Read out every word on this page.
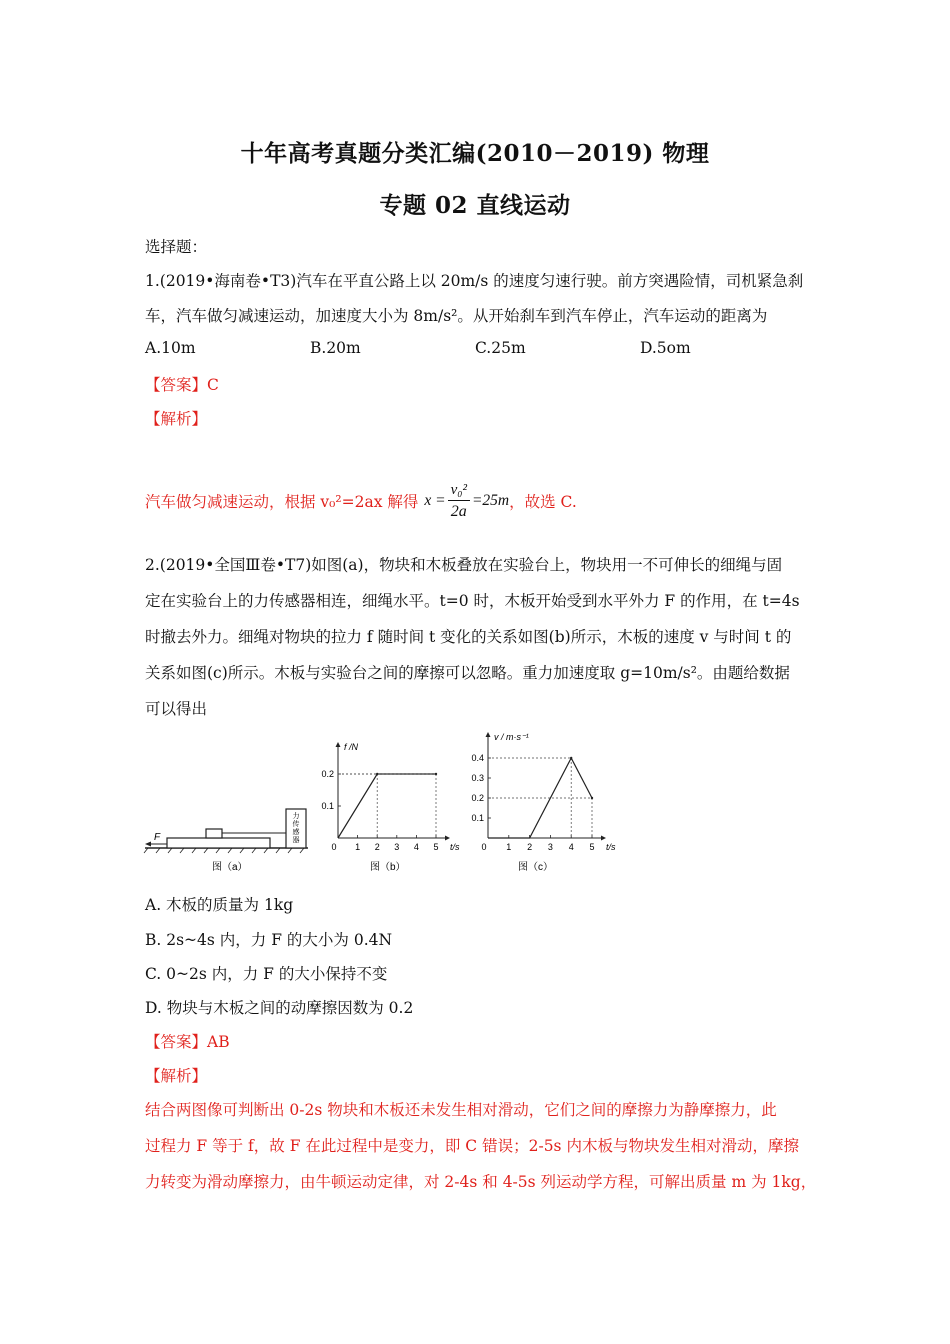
十年高考真题分类汇编(2010－2019) 物理
专题 02 直线运动
选择题：
1.(2019•海南卷•T3)汽车在平直公路上以 20m/s 的速度匀速行驶。前方突遇险情，司机紧急刹
车，汽车做匀减速运动，加速度大小为 8m/s²。从开始刹车到汽车停止，汽车运动的距离为
A.10m	B.20m	C.25m	D.5om
【答案】C
【解析】
汽车做匀减速运动，根据 v₀²=2ax 解得 $x = \frac{\text{v₀²}}{2a} =25m$ ，故选 C.
2.(2019•全国Ⅲ卷•T7)如图(a)，物块和木板叠放在实验台上，物块用一不可伸长的细绳与固
定在实验台上的力传感器相连，细绳水平。t=0 时，木板开始受到水平外力 F 的作用，在 t=4s
时撤去外力。细绳对物块的拉力 f 随时间 t 变化的关系如图(b)所示，木板的速度 v 与时间 t 的
关系如图(c)所示。木板与实验台之间的摩擦可以忽略。重力加速度取 g=10m/s²。由题给数据
可以得出
力
传
感
器
F
图（a）	图（b）
0 1 2 3 4 5
0.1
0.2
f /N
t/s
图（c）
0 1 2 3 4 5
0.1
0.2
0.3
0.4
v / m·s⁻¹
t/s
A. 木板的质量为 1kg
B. 2s~4s 内，力 F 的大小为 0.4N
C. 0~2s 内，力 F 的大小保持不变
D. 物块与木板之间的动摩擦因数为 0.2
【答案】AB
【解析】
结合两图像可判断出 0-2s 物块和木板还未发生相对滑动，它们之间的摩擦力为静摩擦力，此
过程力 F 等于 f，故 F 在此过程中是变力，即 C 错误；2-5s 内木板与物块发生相对滑动，摩擦
力转变为滑动摩擦力，由牛顿运动定律，对 2-4s 和 4-5s 列运动学方程，可解出质量 m 为 1kg，
